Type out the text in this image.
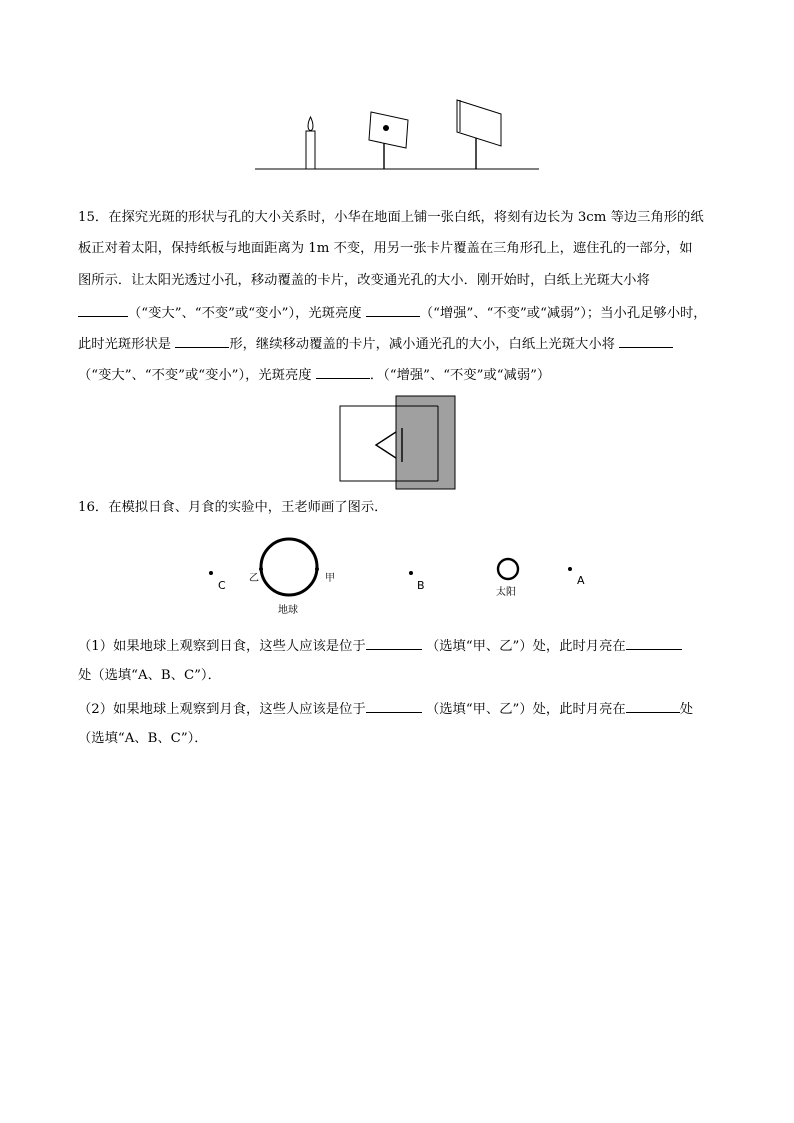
15．在探究光斑的形状与孔的大小关系时，小华在地面上铺一张白纸，将刻有边长为 3cm 等边三角形的纸
板正对着太阳，保持纸板与地面距离为 1m 不变，用另一张卡片覆盖在三角形孔上，遮住孔的一部分，如
图所示．让太阳光透过小孔，移动覆盖的卡片，改变通光孔的大小．刚开始时，白纸上光斑大小将
（“变大”、“不变”或“变小”），光斑亮度	（“增强”、“不变”或“减弱”）；当小孔足够小时，
此时光斑形状是	形，继续移动覆盖的卡片，减小通光孔的大小，白纸上光斑大小将
（“变大”、“不变”或“变小”），光斑亮度	．（“增强”、“不变”或“减弱”）
16．在模拟日食、月食的实验中，王老师画了图示．
C
乙	甲
地球
B
太阳
A
（1）如果地球上观察到日食，这些人应该是位于	（选填“甲、乙”）处，此时月亮在
处（选填“A、B、C”）．
（2）如果地球上观察到月食，这些人应该是位于	（选填“甲、乙”）处，此时月亮在	处
（选填“A、B、C”）．
